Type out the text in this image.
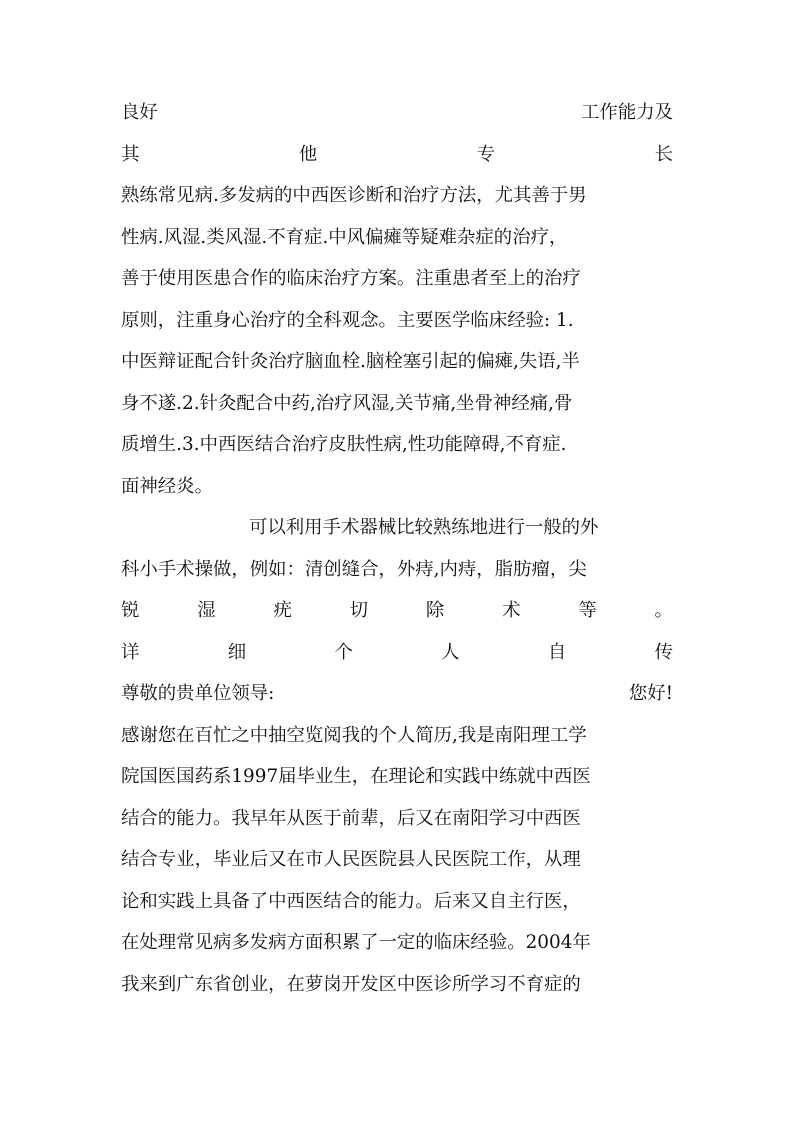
良好	工作能力及
其	他	专	长
熟练常见病.多发病的中西医诊断和治疗方法，尤其善于男
性病.风湿.类风湿.不育症.中风偏瘫等疑难杂症的治疗，
善于使用医患合作的临床治疗方案。注重患者至上的治疗
原则，注重身心治疗的全科观念。主要医学临床经验: 1.
中医辩证配合针灸治疗脑血栓.脑栓塞引起的偏瘫,失语,半
身不遂.2.针灸配合中药,治疗风湿,关节痛,坐骨神经痛,骨
质增生.3.中西医结合治疗皮肤性病,性功能障碍,不育症.
面神经炎。
可以利用手术器械比较熟练地进行一般的外
科小手术操做，例如：清创缝合，外痔,内痔，脂肪瘤，尖
锐	湿	疣	切	除	术	等	。
详	细	个	人	自	传
尊敬的贵单位领导:	您好!
感谢您在百忙之中抽空览阅我的个人简历,我是南阳理工学
院国医国药系1997届毕业生，在理论和实践中练就中西医
结合的能力。我早年从医于前辈，后又在南阳学习中西医
结合专业，毕业后又在市人民医院县人民医院工作，从理
论和实践上具备了中西医结合的能力。后来又自主行医，
在处理常见病多发病方面积累了一定的临床经验。2004年
我来到广东省创业，在萝岗开发区中医诊所学习不育症的
